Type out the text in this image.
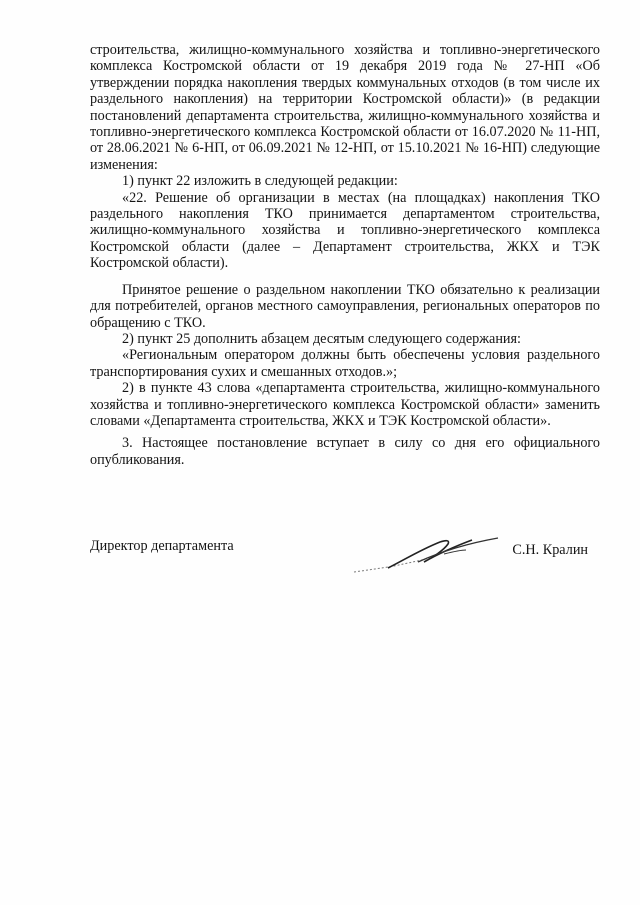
строительства, жилищно-коммунального хозяйства и топливно-энергетического комплекса Костромской области от 19 декабря 2019 года № 27-НП «Об утверждении порядка накопления твердых коммунальных отходов (в том числе их раздельного накопления) на территории Костромской области)» (в редакции постановлений департамента строительства, жилищно-коммунального хозяйства и топливно-энергетического комплекса Костромской области от 16.07.2020 № 11-НП, от 28.06.2021 № 6-НП, от 06.09.2021 № 12-НП, от 15.10.2021 № 16-НП) следующие изменения:

1) пункт 22 изложить в следующей редакции:

«22. Решение об организации в местах (на площадках) накопления ТКО раздельного накопления ТКО принимается департаментом строительства, жилищно-коммунального хозяйства и топливно-энергетического комплекса Костромской области (далее – Департамент строительства, ЖКХ и ТЭК Костромской области).

Принятое решение о раздельном накоплении ТКО обязательно к реализации для потребителей, органов местного самоуправления, региональных операторов по обращению с ТКО.

2) пункт 25 дополнить абзацем десятым следующего содержания:

«Региональным оператором должны быть обеспечены условия раздельного транспортирования сухих и смешанных отходов.»;

2) в пункте 43 слова «департамента строительства, жилищно-коммунального хозяйства и топливно-энергетического комплекса Костромской области» заменить словами «Департамента строительства, ЖКХ и ТЭК Костромской области».

3. Настоящее постановление вступает в силу со дня его официального опубликования.

Директор департамента	С.Н. Кралин
